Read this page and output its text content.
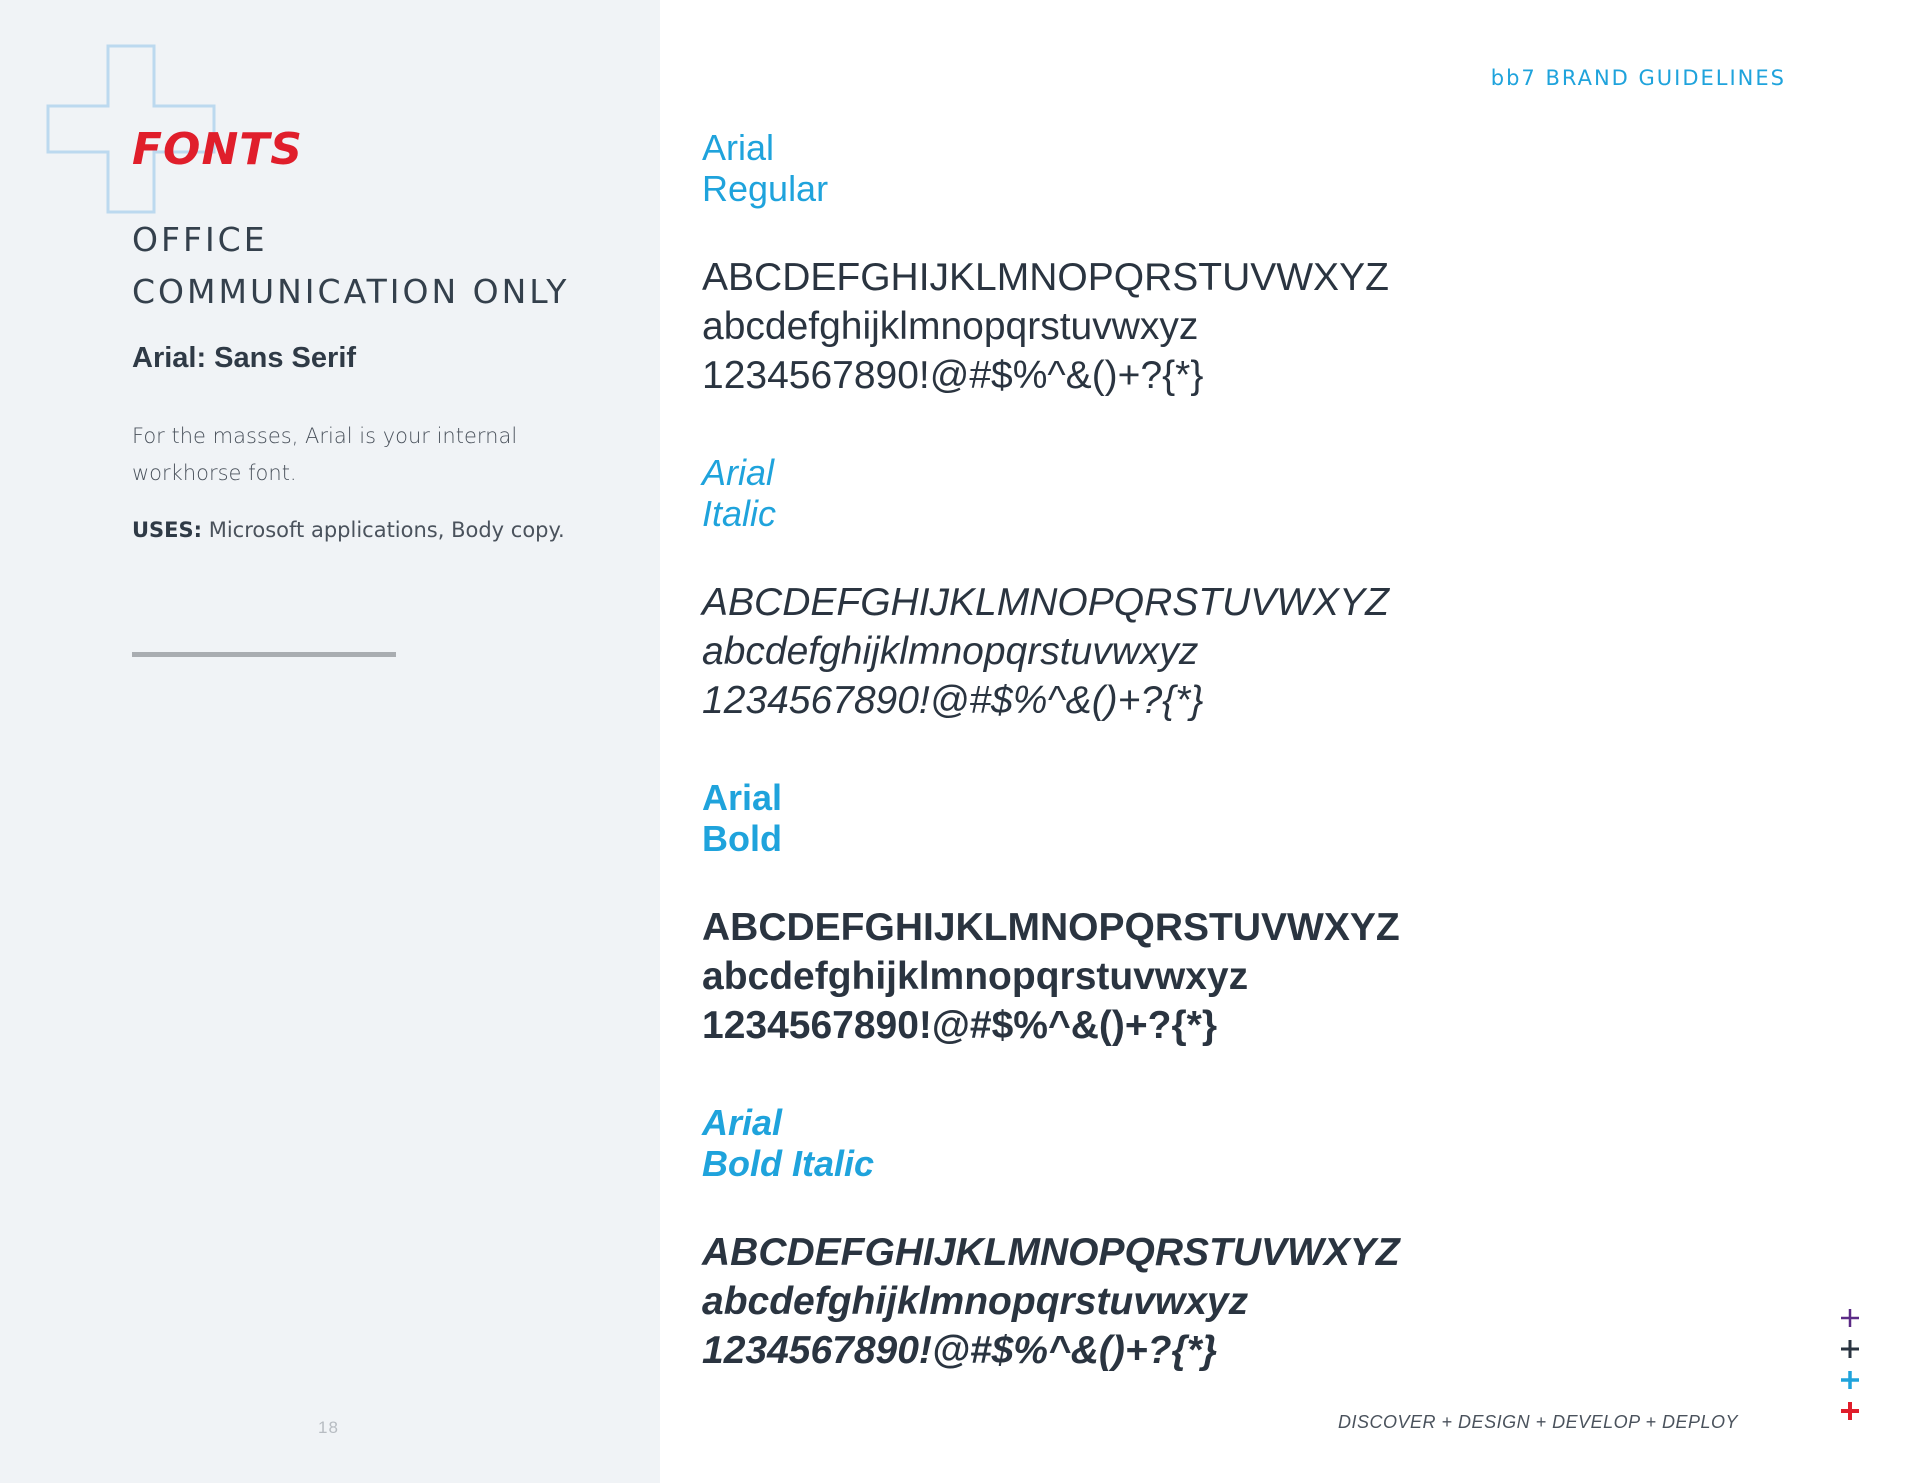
FONTS
OFFICE COMMUNICATION ONLY
Arial: Sans Serif

For the masses, Arial is your internal workhorse font.

USES: Microsoft applications, Body copy.

18
bb7 BRAND GUIDELINES
Arial
Regular
ABCDEFGHIJKLMNOPQRSTUVWXYZ
abcdefghijklmnopqrstuvwxyz
1234567890!@#$%^&()+?{*}
Arial
Italic
ABCDEFGHIJKLMNOPQRSTUVWXYZ
abcdefghijklmnopqrstuvwxyz
1234567890!@#$%^&()+?{*}
Arial
Bold
ABCDEFGHIJKLMNOPQRSTUVWXYZ
abcdefghijklmnopqrstuvwxyz
1234567890!@#$%^&()+?{*}
Arial
Bold Italic
ABCDEFGHIJKLMNOPQRSTUVWXYZ
abcdefghijklmnopqrstuvwxyz
1234567890!@#$%^&()+?{*}
DISCOVER + DESIGN + DEVELOP + DEPLOY
